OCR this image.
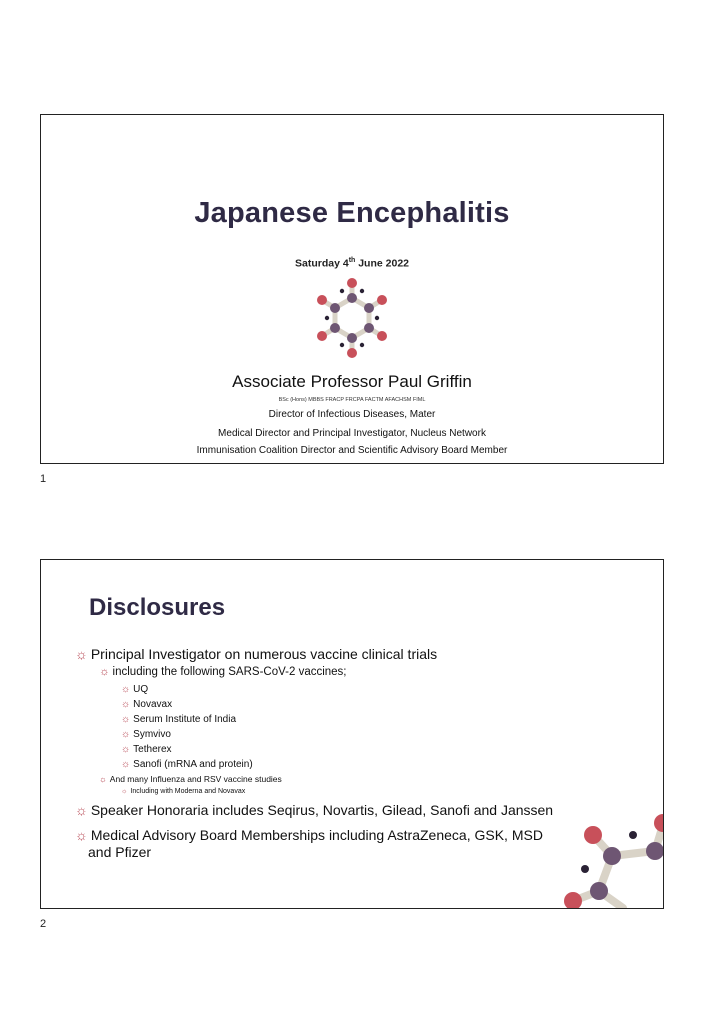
Japanese Encephalitis
Saturday 4th June 2022
Associate Professor Paul Griffin
BSc (Hons) MBBS FRACP FRCPA FACTM AFACHSM FIML
Director of Infectious Diseases, Mater
Medical Director and Principal Investigator, Nucleus Network
Immunisation Coalition Director and Scientific Advisory Board Member
1
Disclosures
☼ Principal Investigator on numerous vaccine clinical trials
☼ including the following SARS-CoV-2 vaccines;
☼ UQ
☼ Novavax
☼ Serum Institute of India
☼ Symvivo
☼ Tetherex
☼ Sanofi (mRNA and protein)
☼ And many Influenza and RSV vaccine studies
☼ Including with Moderna and Novavax
☼ Speaker Honoraria includes Seqirus, Novartis, Gilead, Sanofi and Janssen
☼ Medical Advisory Board Memberships including AstraZeneca, GSK, MSD
and Pfizer
2
